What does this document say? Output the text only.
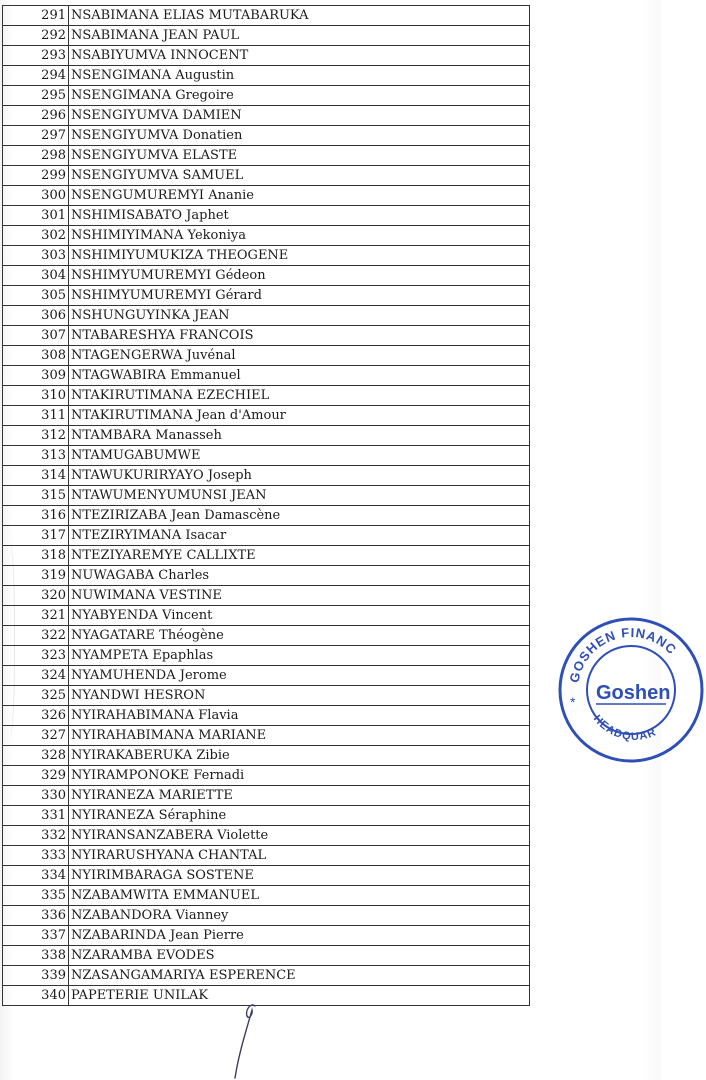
291	NSABIMANA ELIAS MUTABARUKA
292	NSABIMANA JEAN PAUL
293	NSABIYUMVA INNOCENT
294	NSENGIMANA Augustin
295	NSENGIMANA Gregoire
296	NSENGIYUMVA DAMIEN
297	NSENGIYUMVA Donatien
298	NSENGIYUMVA ELASTE
299	NSENGIYUMVA SAMUEL
300	NSENGUMUREMYI Ananie
301	NSHIMISABATO Japhet
302	NSHIMIYIMANA Yekoniya
303	NSHIMIYUMUKIZA THEOGENE
304	NSHIMYUMUREMYI Gédeon
305	NSHIMYUMUREMYI Gérard
306	NSHUNGUYINKA JEAN
307	NTABARESHYA FRANCOIS
308	NTAGENGERWA Juvénal
309	NTAGWABIRA Emmanuel
310	NTAKIRUTIMANA EZECHIEL
311	NTAKIRUTIMANA Jean d'Amour
312	NTAMBARA Manasseh
313	NTAMUGABUMWE
314	NTAWUKURIRYAYO Joseph
315	NTAWUMENYUMUNSI JEAN
316	NTEZIRIZABA Jean Damascène
317	NTEZIRYIMANA Isacar
318	NTEZIYAREMYE CALLIXTE
319	NUWAGABA Charles
320	NUWIMANA VESTINE
321	NYABYENDA Vincent
322	NYAGATARE Théogène
323	NYAMPETA Epaphlas
324	NYAMUHENDA Jerome
325	NYANDWI HESRON
326	NYIRAHABIMANA Flavia
327	NYIRAHABIMANA MARIANE
328	NYIRAKABERUKA Zibie
329	NYIRAMPONOKE Fernadi
330	NYIRANEZA MARIETTE
331	NYIRANEZA Séraphine
332	NYIRANSANZABERA Violette
333	NYIRARUSHYANA CHANTAL
334	NYIRIMBARAGA SOSTENE
335	NZABAMWITA EMMANUEL
336	NZABANDORA Vianney
337	NZABARINDA Jean Pierre
338	NZARAMBA EVODES
339	NZASANGAMARIYA ESPERENCE
340	PAPETERIE UNILAK
GOSHEN FINANC
HEADQUAR
* Goshen
